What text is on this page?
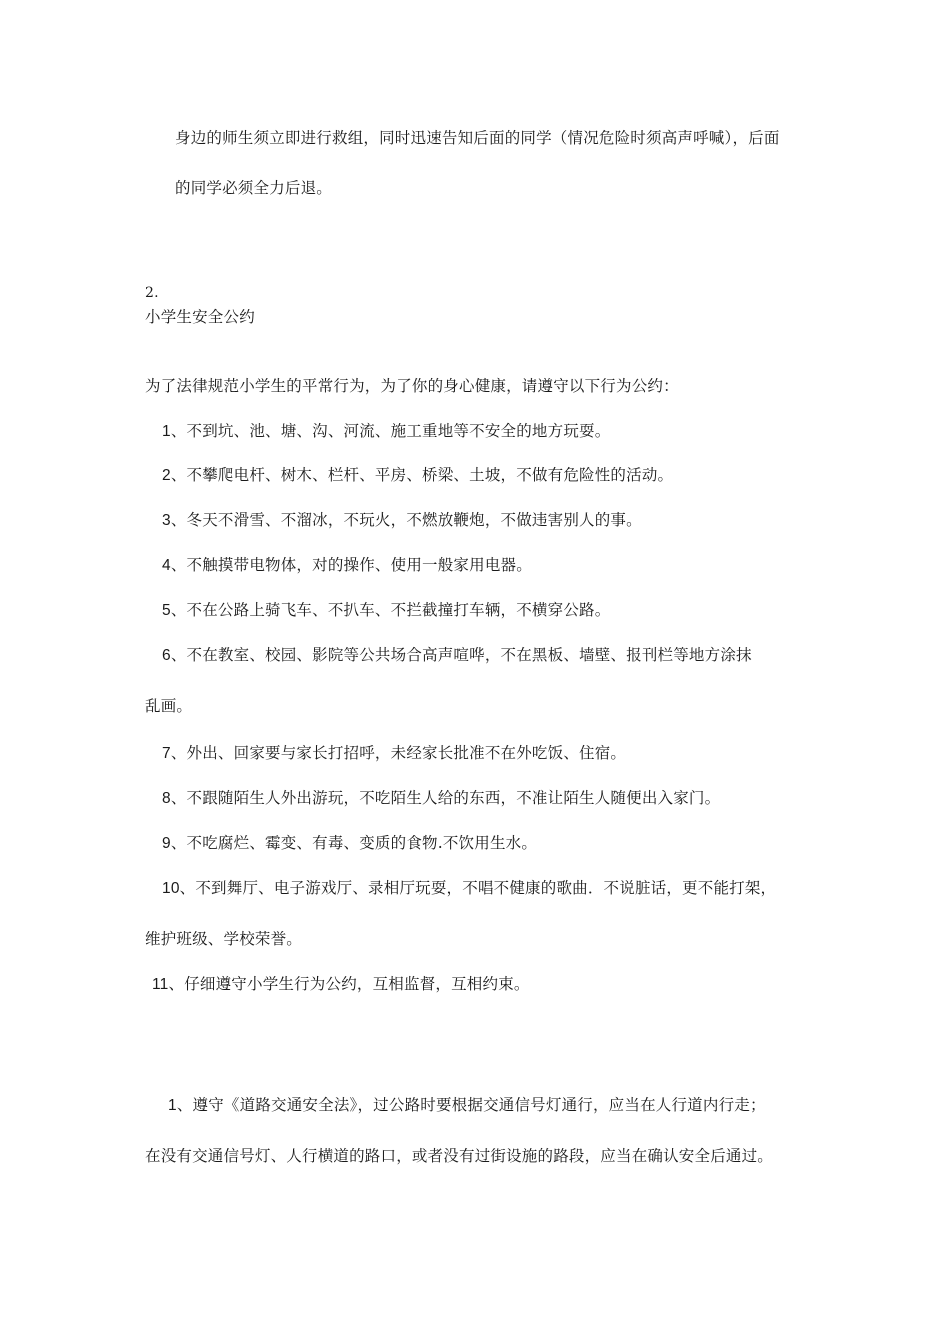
身边的师生须立即进行救组，同时迅速告知后面的同学（情况危险时须高声呼喊），后面
的同学必须全力后退。
2.
小学生安全公约
为了法律规范小学生的平常行为，为了你的身心健康，请遵守以下行为公约：
1、不到坑、池、塘、沟、河流、施工重地等不安全的地方玩耍。
2、不攀爬电杆、树木、栏杆、平房、桥梁、土坡，不做有危险性的活动。
3、冬天不滑雪、不溜冰，不玩火，不燃放鞭炮，不做违害别人的事。
4、不触摸带电物体，对的操作、使用一般家用电器。
5、不在公路上骑飞车、不扒车、不拦截撞打车辆，不横穿公路。
6、不在教室、校园、影院等公共场合高声喧哗，不在黑板、墙壁、报刊栏等地方涂抹
乱画。
7、外出、回家要与家长打招呼，未经家长批准不在外吃饭、住宿。
8、不跟随陌生人外出游玩，不吃陌生人给的东西，不准让陌生人随便出入家门。
9、不吃腐烂、霉变、有毒、变质的食物.不饮用生水。
10、不到舞厅、电子游戏厅、录相厅玩耍，不唱不健康的歌曲．不说脏话，更不能打架，
维护班级、学校荣誉。
11、仔细遵守小学生行为公约，互相监督，互相约束。
1、遵守《道路交通安全法》，过公路时要根据交通信号灯通行，应当在人行道内行走；
在没有交通信号灯、人行横道的路口，或者没有过街设施的路段，应当在确认安全后通过。
